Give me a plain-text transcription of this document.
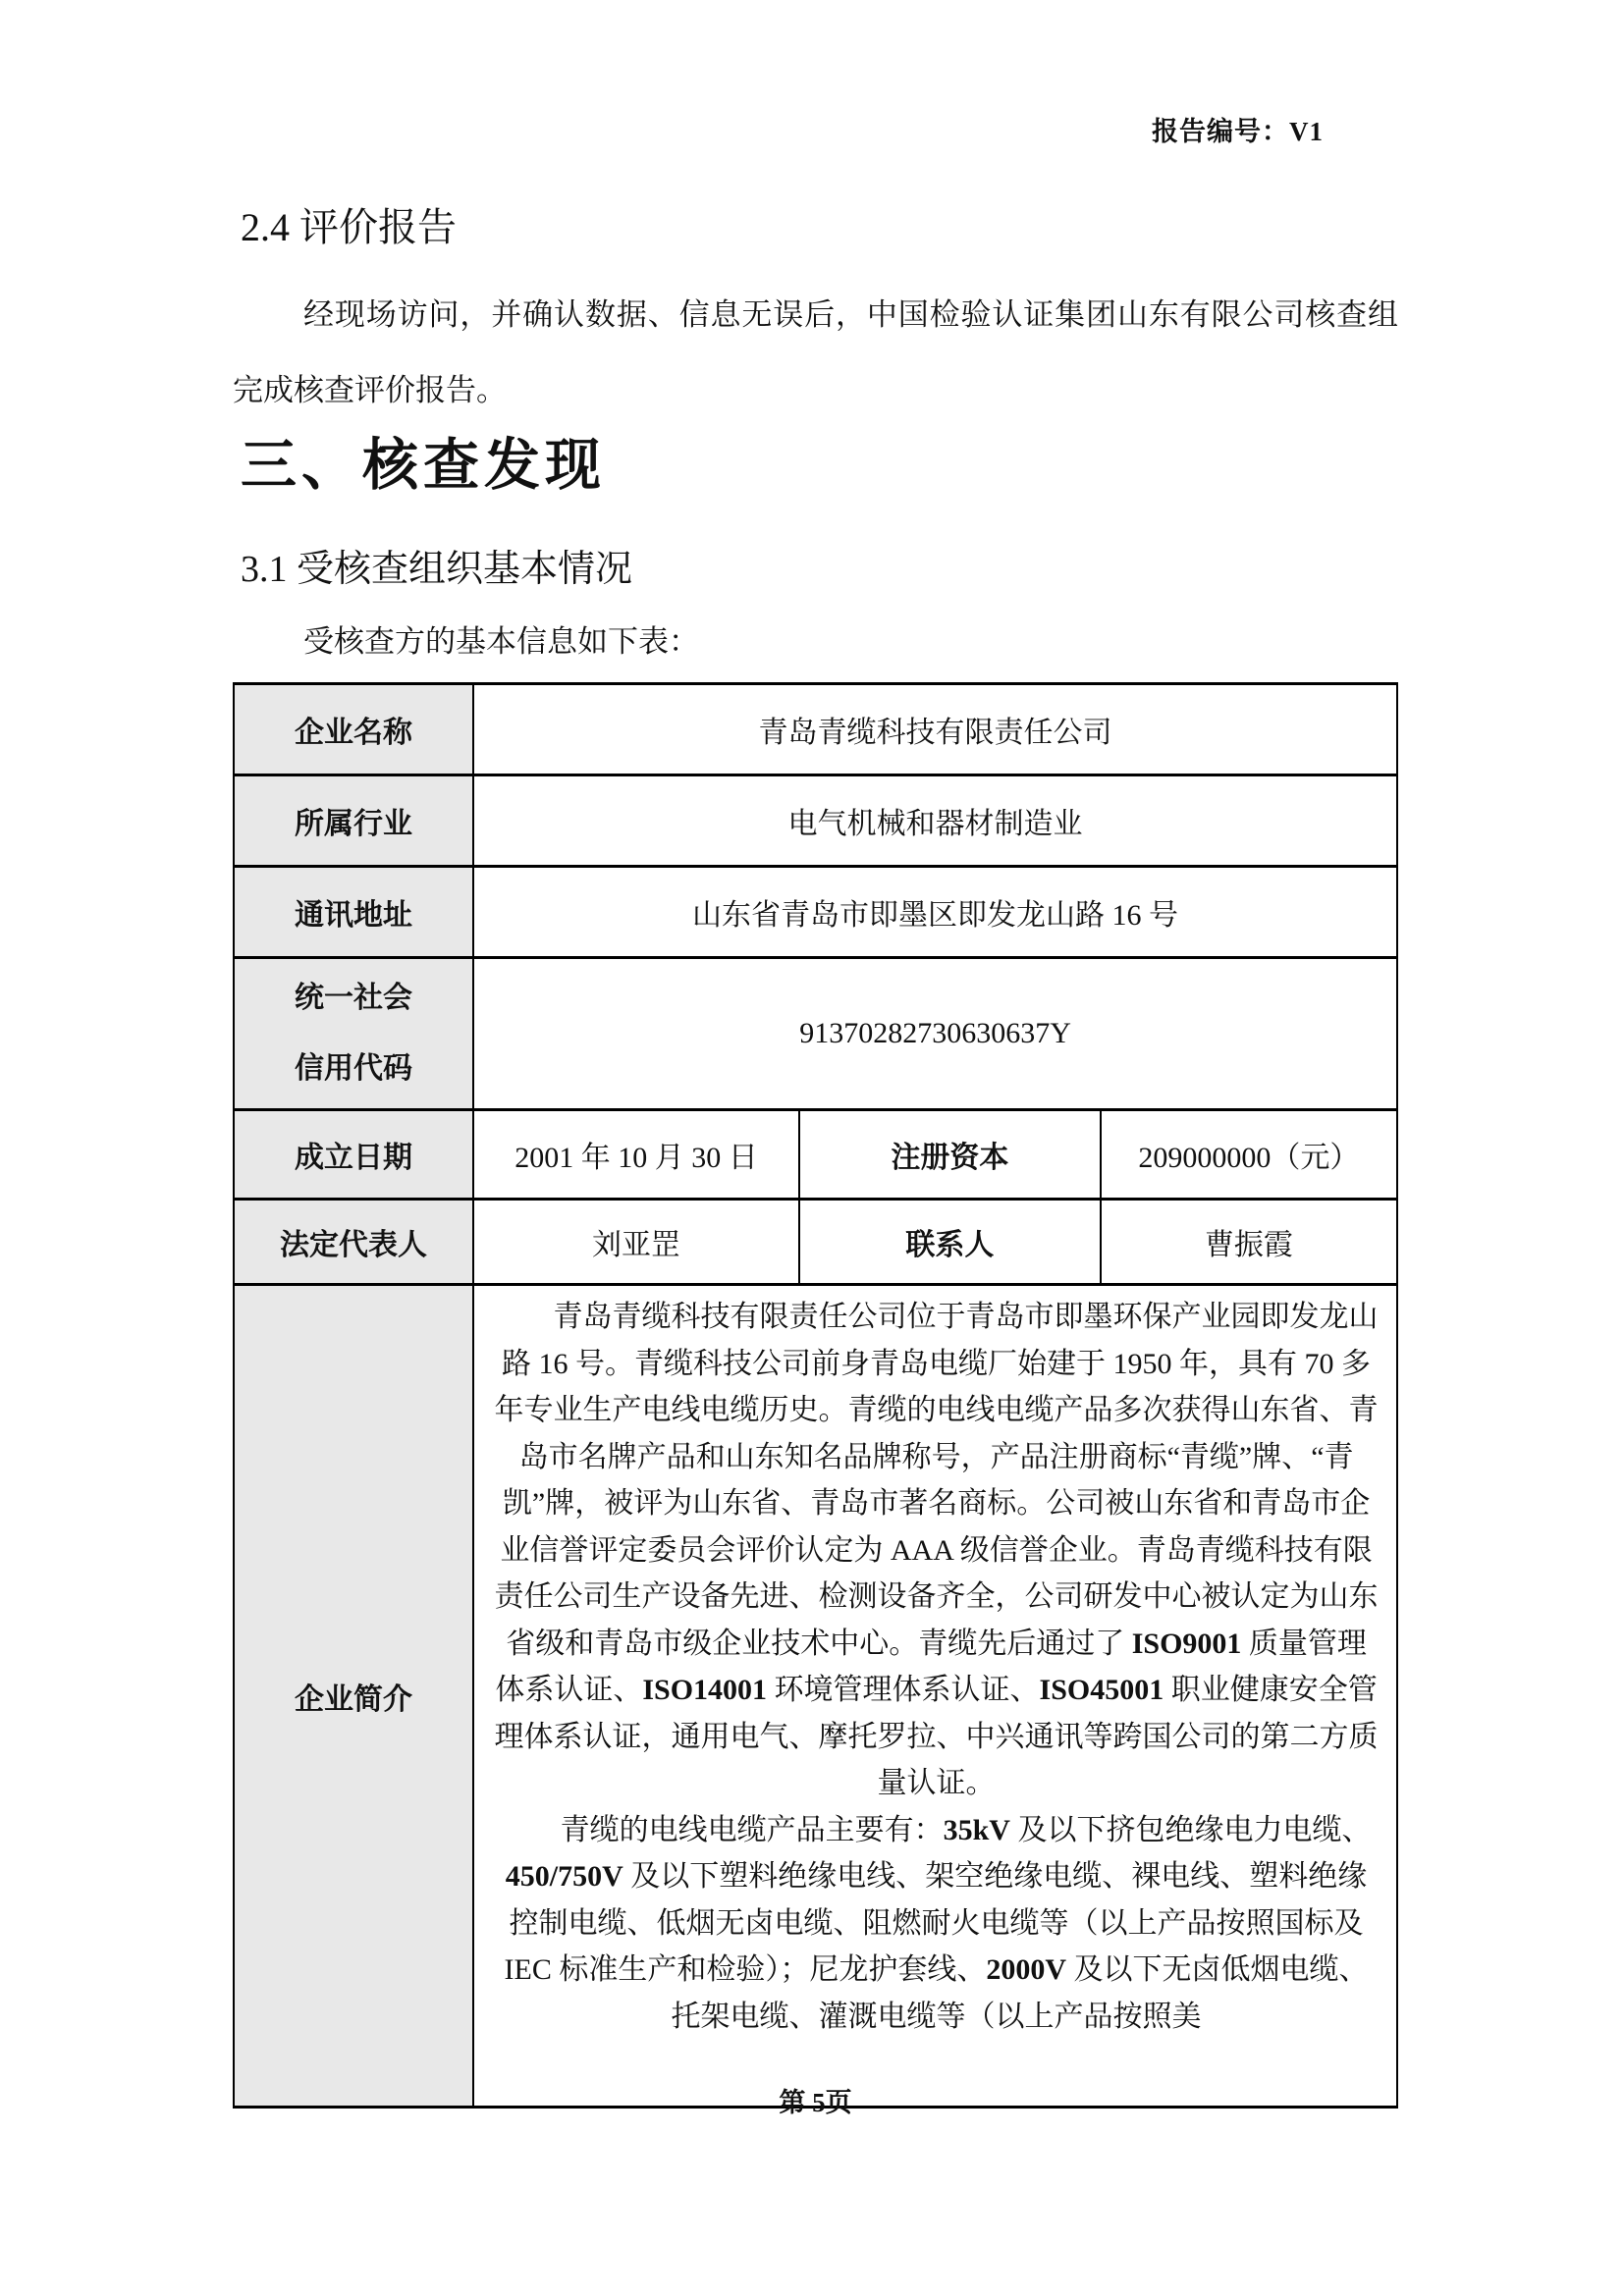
报告编号：V1
2.4 评价报告

经现场访问，并确认数据、信息无误后，中国检验认证集团山东有限公司核查组完成核查评价报告。

三、核查发现
3.1 受核查组织基本情况

受核查方的基本信息如下表：

企业名称	青岛青缆科技有限责任公司		
所属行业	电气机械和器材制造业		
通讯地址	山东省青岛市即墨区即发龙山路 16 号		

统一社会
信用代码	91370282730630637Y		
成立日期	2001 年 10 月 30 日	注册资本	209000000（元）
法定代表人	刘亚罡	联系人	曹振霞
企业简介	青岛青缆科技有限责任公司位于青岛市即墨环保产业园即发龙山路 16 号。青缆科技公司前身青岛电缆厂始建于 1950 年，具有 70 多年专业生产电线电缆历史。青缆的电线电缆产品多次获得山东省、青岛市名牌产品和山东知名品牌称号，产品注册商标“青缆”牌、“青凯”牌，被评为山东省、青岛市著名商标。公司被山东省和青岛市企业信誉评定委员会评价认定为 AAA 级信誉企业。青岛青缆科技有限责任公司生产设备先进、检测设备齐全，公司研发中心被认定为山东省级和青岛市级企业技术中心。青缆先后通过了 ISO9001 质量管理体系认证、ISO14001 环境管理体系认证、ISO45001 职业健康安全管理体系认证，通用电气、摩托罗拉、中兴通讯等跨国公司的第二方质量认证。

青缆的电线电缆产品主要有：35kV 及以下挤包绝缘电力电缆、450/750V 及以下塑料绝缘电线、架空绝缘电缆、裸电线、塑料绝缘控制电缆、低烟无卤电缆、阻燃耐火电缆等（以上产品按照国标及 IEC 标准生产和检验）；尼龙护套线、2000V 及以下无卤低烟电缆、托架电缆、灌溉电缆等（以上产品按照美		

第 5页
